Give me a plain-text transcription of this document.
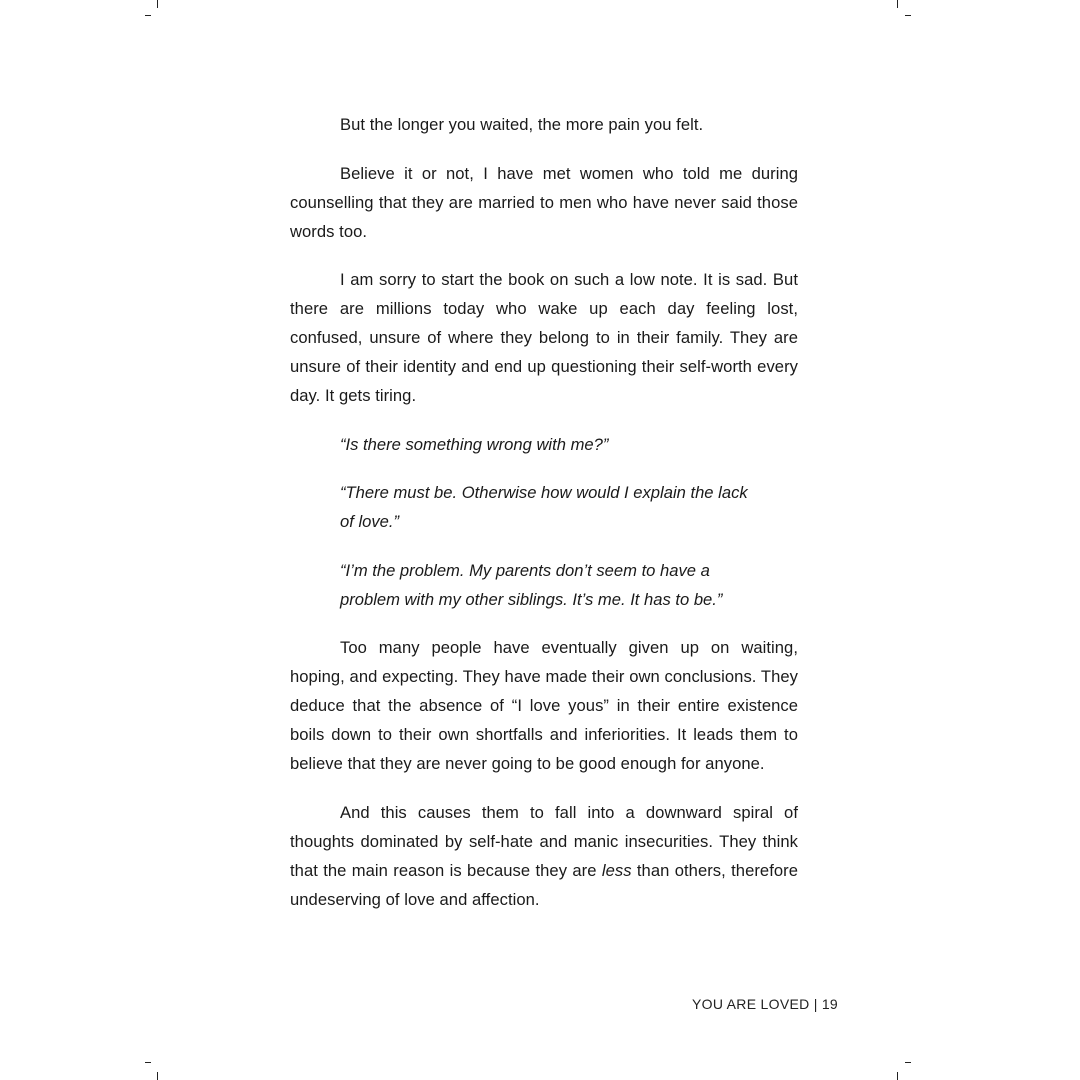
But the longer you waited, the more pain you felt.

Believe it or not, I have met women who told me during counselling that they are married to men who have never said those words too.

I am sorry to start the book on such a low note. It is sad. But there are millions today who wake up each day feeling lost, confused, unsure of where they belong to in their family. They are unsure of their identity and end up questioning their self-worth every day. It gets tiring.

“Is there something wrong with me?”

“There must be. Otherwise how would I explain the lack of love.”

“I’m the problem. My parents don’t seem to have a problem with my other siblings. It’s me. It has to be.”

Too many people have eventually given up on waiting, hoping, and expecting. They have made their own conclusions. They deduce that the absence of “I love yous” in their entire existence boils down to their own shortfalls and inferiorities. It leads them to believe that they are never going to be good enough for anyone.

And this causes them to fall into a downward spiral of thoughts dominated by self-hate and manic insecurities. They think that the main reason is because they are less than others, therefore undeserving of love and affection.

YOU ARE LOVED | 19
